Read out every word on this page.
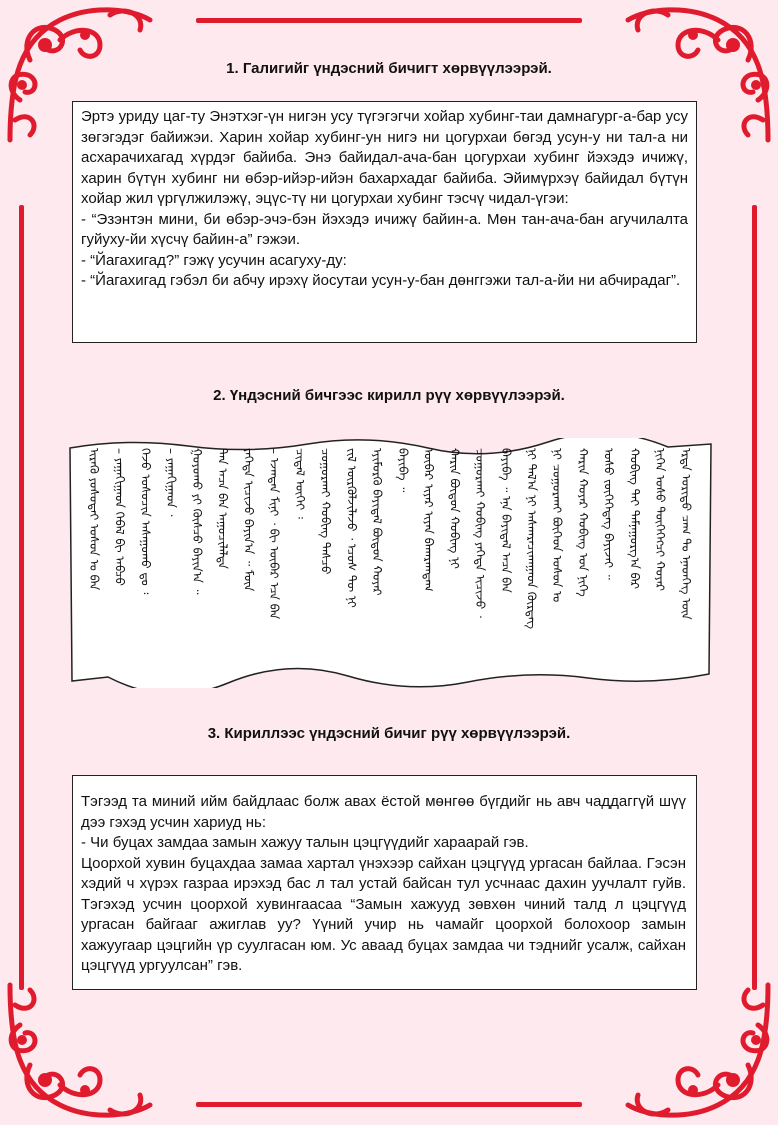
1. Галигийг үндэсний бичигт хөрвүүлээрэй.

Эртэ уриду цаг-ту Энэтхэг-үн нигэн усу түгэгэгчи хойар хубинг-таи дамнагург-а-бар усу зөгэгэдэг байижэи. Харин хойар хубинг-ун нигэ ни цогурхаи бөгэд усун-у ни тал-а ни асхарачихагад хүрдэг байиба. Энэ байидал-ача-бан цогурхаи хубинг йэхэдэ ичижү, харин бүтүн хубинг ни өбэр-ийэр-ийэн бахархадаг байиба. Эйимүрхэү байидал бүтүн хойар жил үргүлжилэжү, эцүс-тү ни цогурхаи хубинг тэсчү чидал-үгэи:

- “Эзэнтэн мини, би өбэр-эчэ-бэн йэхэдэ ичижү байин-а. Мөн тан-ача-бан агучилалта гуйуху-йи хүсчү байин-а” гэжэи.

- “Йагахигад?” гэжү усучин асагуху-ду:

- “Йагахигад гэбэл би абчу ирэхү йосутаи усун-у-бан дөнггэжи тал-а-йи ни абчирадаг”.

2. Үндэсний бичгээс кирилл рүү хөрвүүлээрэй.
ᠡᠷᠲᠡ ᠤᠷᠢᠳᠤ ᠴᠠᠭ ᠲᠤ ᠡᠨᠡᠳᠬᠡᠭ ᠦᠨ
ᠨᠢᠭᠡᠨ ᠤᠰᠤ ᠲᠦᠭᠡᠭᠡᠭᠴᠢ ᠬᠣᠶᠠᠷ
ᠬᠤᠪᠢᠩ ᠲᠠᠢ ᠳᠠᠮᠨᠠᠭᠤᠷᠭ᠎ᠠ ᠪᠠᠷ
ᠤᠰᠤ ᠵᠥᠭᠡᠭᠡᠳᠡᠭ ᠪᠠᠶᠢᠵᠠᠢ ᠃
ᠬᠠᠷᠢᠨ ᠬᠣᠶᠠᠷ ᠬᠤᠪᠢᠩ ᠤᠨ ᠨᠢᠭᠡ
ᠨᠢ ᠴᠣᠭᠤᠷᠬᠠᠢ ᠪᠥᠭᠡᠳ ᠤᠰᠤᠨ ᠤ
ᠨᠢ ᠲᠠᠯ᠎ᠠ ᠨᠢ ᠠᠰᠬᠠᠷᠠᠴᠢᠬᠠᠭᠠᠳ ᠬᠦᠷᠳᠡᠭ
ᠪᠠᠶᠢᠪᠠ ᠃ ᠡᠨᠡ ᠪᠠᠶᠢᠳᠠᠯ ᠠᠴᠠ ᠪᠠᠨ
ᠴᠣᠭᠤᠷᠬᠠᠢ ᠬᠤᠪᠢᠩ ᠶᠡᠬᠡᠳᠡ ᠢᠴᠢᠵᠦ ᠂
ᠬᠠᠷᠢᠨ ᠪᠦᠲᠦᠨ ᠬᠤᠪᠢᠩ ᠨᠢ
ᠥᠪᠡᠷ ᠢᠶᠡᠷ ᠢᠶᠡᠨ ᠪᠠᠬᠠᠷᠬᠠᠳᠠᠭ
ᠪᠠᠶᠢᠪᠠ ᠃
ᠡᠶᠢᠮᠦᠷᠬᠦ ᠪᠠᠶᠢᠳᠠᠯ ᠪᠦᠲᠦᠨ ᠬᠣᠶᠠᠷ
ᠵᠢᠯ ᠦᠷᠭᠦᠯᠵᠢᠯᠡᠵᠦ ᠂ ᠡᠴᠦᠰ ᠲᠦ ᠨᠢ
ᠴᠣᠭᠤᠷᠬᠠᠢ ᠬᠤᠪᠢᠩ ᠲᠡᠰᠴᠦ
ᠴᠢᠳᠠᠯ ᠦᠭᠡᠢ ᠄
– ᠡᠵᠡᠨᠲᠡᠨ ᠮᠢᠨᠢ ᠂ ᠪᠢ ᠥᠪᠡᠷ ᠡᠴᠡ ᠪᠡᠨ
ᠶᠡᠬᠡᠳᠡ ᠢᠴᠢᠵᠦ ᠪᠠᠶᠢᠨ᠎ᠠ ᠃ ᠮᠥᠨ
ᠲᠠᠨ ᠠᠴᠠ ᠪᠠᠨ ᠠᠭᠤᠴᠢᠯᠠᠯᠲᠠ
ᠭᠤᠶᠤᠬᠤ ᠶᠢ ᠬᠦᠰᠴᠦ ᠪᠠᠶᠢᠨ᠎ᠠ ᠃
– ᠶᠠᠭᠠᠬᠢᠭᠠᠳ ᠂
ᠭᠡᠵᠦ ᠤᠰᠤᠴᠢᠨ ᠠᠰᠠᠭᠤᠬᠤ ᠳᠤ ᠄
– ᠶᠠᠭᠠᠬᠢᠭᠠᠳ ᠭᠡᠪᠡᠯ ᠪᠢ ᠠᠪᠴᠤ
ᠢᠷᠡᠬᠦ ᠶᠣᠰᠤᠲᠠᠢ ᠤᠰᠤᠨ ᠤ ᠪᠠᠨ
3. Кириллээс үндэсний бичиг рүү хөрвүүлээрэй.

Тэгээд та миний ийм байдлаас болж авах ёстой мөнгөө бүгдийг нь авч чаддаггүй шүү дээ гэхэд усчин хариуд нь:

- Чи буцах замдаа замын хажуу талын цэцгүүдийг хараарай гэв.

Цоорхой хувин буцахдаа замаа хартал үнэхээр сайхан цэцгүүд ургасан байлаа. Гэсэн хэдий ч хүрэх газраа ирэхэд бас л тал устай байсан тул усчнаас дахин уучлалт гуйв. Тэгэхэд усчин цоорхой хувингаасаа “Замын хажууд зөвхөн чиний талд л цэцгүүд ургасан байгааг ажиглав уу? Үүний учир нь чамайг цоорхой болохоор замын хажуугаар цэцгийн үр суулгасан юм. Ус аваад буцах замдаа чи тэднийг усалж, сайхан цэцгүүд ургуулсан” гэв.
